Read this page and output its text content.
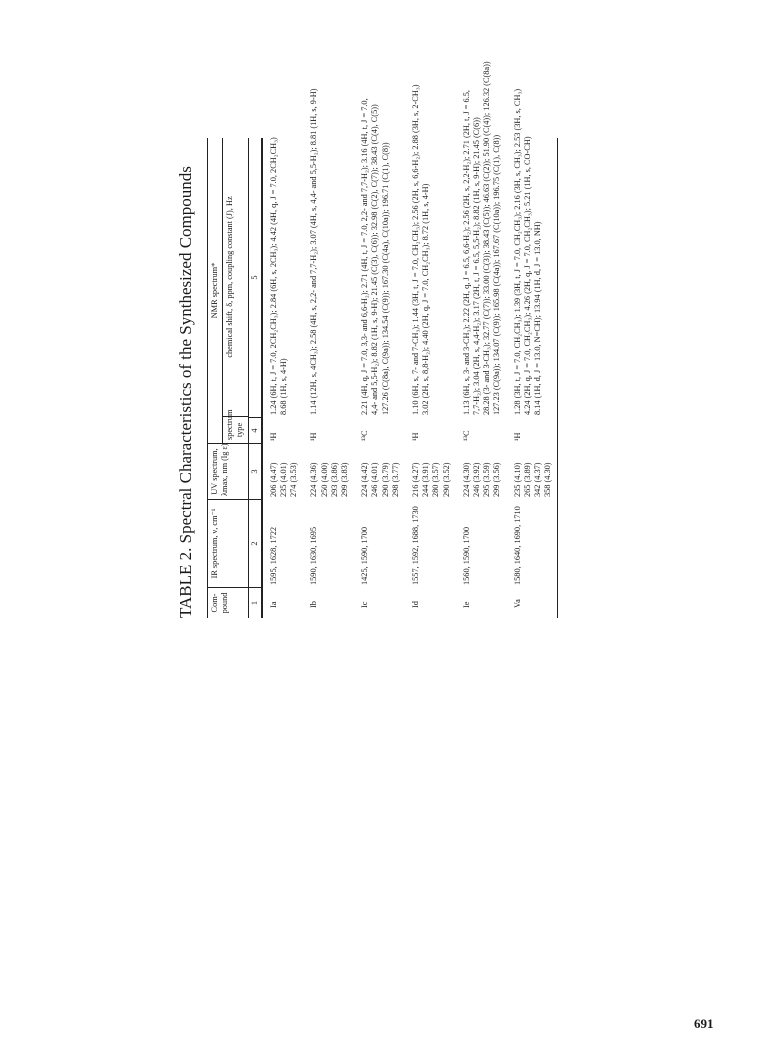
TABLE 2. Spectral Characteristics of the Synthesized Compounds Com- pound
IR spectrum, ν, cm⁻¹
UV spectrum, λmax, nm (lg ε)
NMR spectrum*
spectrum type
chemical shift, δ, ppm, coupling constant (J), Hz
1
2
3
4
5
Ia
1595, 1628, 1722
206 (4.47) 235 (4.01) 274 (3.53)
¹H
1.24 (6H, t, J = 7.0, 2CH₂CH₃); 2.84 (6H, s, 2CH₃); 4.42 (4H, q, J = 7.0, 2CH₂CH₃) 8.68 (1H, s, 4-H)
Ib
1590, 1630, 1695
224 (4.36) 250 (4.00) 293 (3.86) 299 (3.83)
¹H
1.14 (12H, s, 4CH₃); 2.58 (4H, s, 2,2- and 7,7-H₂); 3.07 (4H, s, 4,4- and 5,5-H₂); 8.81 (1H, s, 9-H)
Ic
1425, 1590, 1700
224 (4.42) 246 (4.01) 290 (3.79) 298 (3.77)
¹³C
2.21 (4H, q, J = 7.0, 3,3- and 6,6-H₂); 2.71 (4H, t, J = 7.0, 2,2- and 7,7-H₂); 3.16 (4H, t, J = 7.0, 4,4- and 5,5-H₂); 8.82 (1H, s, 9-H); 21.45 (C(3), C(6)); 32.98 (C(2), C(7)); 38.43 (C(4), C(5)) 127.26 (C(8a), C(9a)); 134.54 (C(9)); 167.30 (C(4a), C(10a)); 196.71 (C(1), C(8))
Id
1557, 1592, 1688, 1730
216 (4.27) 244 (3.91) 280 (3.57) 290 (3.52)
¹H
1.10 (6H, s, 7- and 7-CH₃); 1.44 (3H, t, J = 7.0, CH₂CH₃); 2.56 (2H, s, 6,6-H₂); 2.88 (3H, s, 2-CH₃) 3.02 (2H, s, 8,8-H₂); 4.40 (2H, q, J = 7.0, CH₂CH₃); 8.72 (1H, s, 4-H)
Ie
1560, 1590, 1700
224 (4.30) 246 (3.92) 295 (3.59) 299 (3.56)
¹³C
1.13 (6H, s, 3- and 3-CH₃); 2.22 (2H, q, J = 6.5, 6,6-H₂); 2.56 (2H, s, 2,2-H₂); 2.71 (2H, t, J = 6.5, 7,7-H₂); 3.04 (2H, s, 4,4-H₂); 3.17 (2H, t, J = 6.5, 5,5-H₂); 8.82 (1H, s, 9-H); 21.45 (C(6)) 28.28 (3- and 3-CH₃); 32.77 (C(7)); 33.00 (C(3)); 38.43 (C(5)); 46.63 (C(2)); 51.90 (C(4)); 126.32 (C(8a)) 127.23 (C(9a)); 134.07 (C(9)); 165.98 (C(4a)); 167.67 (C(10a)); 196.75 (C(1), C(8))
Va
1580, 1640, 1690, 1710
235 (4.10) 265 (3.89) 342 (4.37) 358 (4.30)
¹H
1.28 (3H, t, J = 7.0, CH₂CH₃); 1.39 (3H, t, J = 7.0, CH₂CH₃); 2.16 (3H, s, CH₃); 2.53 (3H, s, CH₃) 4.24 (2H, q, J = 7.0, CH₂CH₃); 4.26 (2H, q, J = 7.0, CH₂CH₃); 5.21 (1H, s, CO-CH) 8.14 (1H, d, J = 13.0, N=CH); 13.94 (1H, d, J = 13.0, NH)
691
